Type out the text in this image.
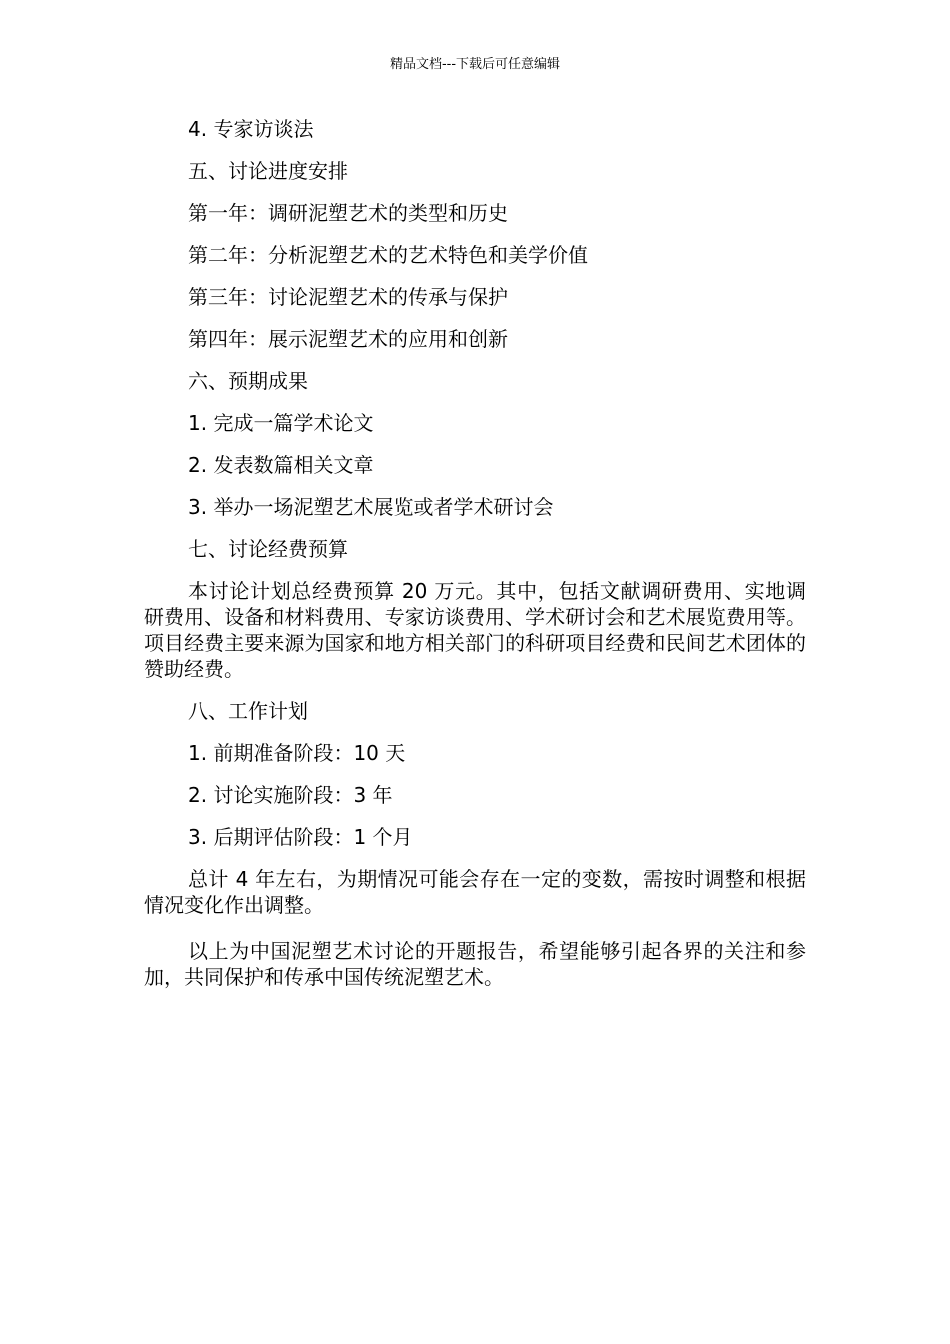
精品文档---下载后可任意编辑

4. 专家访谈法

五、讨论进度安排

第一年：调研泥塑艺术的类型和历史

第二年：分析泥塑艺术的艺术特色和美学价值

第三年：讨论泥塑艺术的传承与保护

第四年：展示泥塑艺术的应用和创新

六、预期成果

1. 完成一篇学术论文

2. 发表数篇相关文章

3. 举办一场泥塑艺术展览或者学术研讨会

七、讨论经费预算

本讨论计划总经费预算 20 万元。其中，包括文献调研费用、实地调研费用、设备和材料费用、专家访谈费用、学术研讨会和艺术展览费用等。 项目经费主要来源为国家和地方相关部门的科研项目经费和民间艺术团体的赞助经费。

八、工作计划

1. 前期准备阶段：10 天

2. 讨论实施阶段：3 年

3. 后期评估阶段：1 个月

总计 4 年左右，为期情况可能会存在一定的变数，需按时调整和根据情况变化作出调整。

以上为中国泥塑艺术讨论的开题报告，希望能够引起各界的关注和参加，共同保护和传承中国传统泥塑艺术。
